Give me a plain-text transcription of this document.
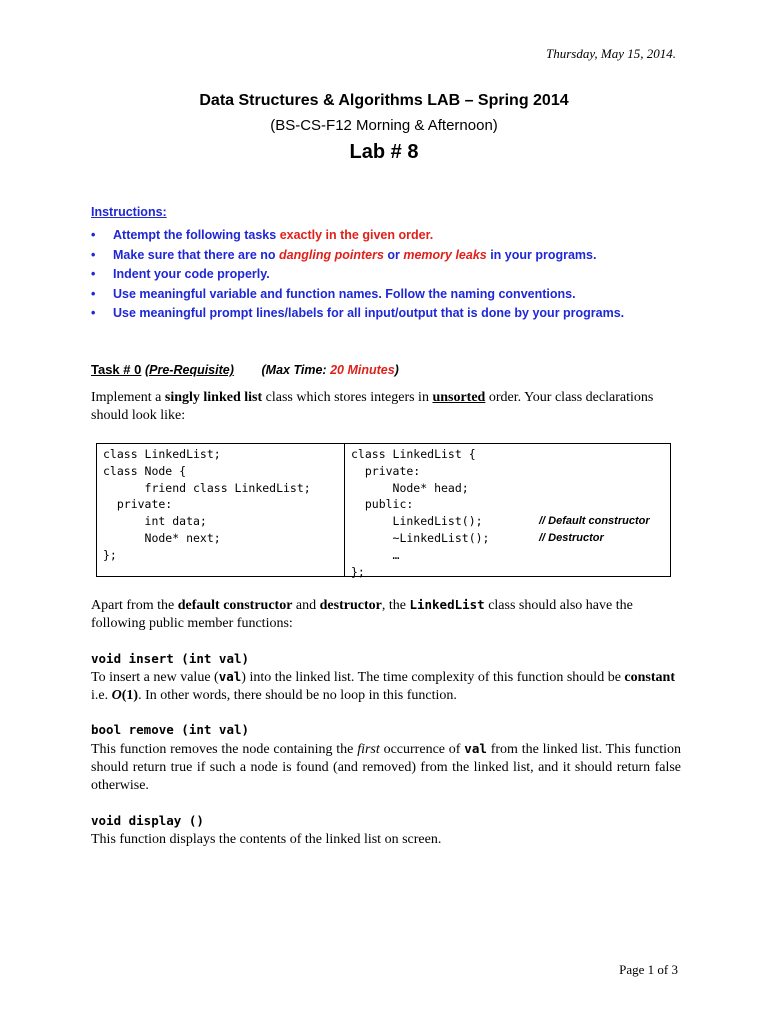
Thursday, May 15, 2014.
Data Structures & Algorithms LAB – Spring 2014
(BS-CS-F12 Morning & Afternoon)
Lab # 8
Instructions:
• Attempt the following tasks exactly in the given order.
• Make sure that there are no dangling pointers or memory leaks in your programs.
• Indent your code properly.
• Use meaningful variable and function names. Follow the naming conventions.
• Use meaningful prompt lines/labels for all input/output that is done by your programs.
Task # 0 (Pre-Requisite) (Max Time: 20 Minutes)
Implement a singly linked list class which stores integers in unsorted order. Your class declarations should look like:
class LinkedList;
class Node {
friend class LinkedList;
private:
int data;
Node* next;
};
class LinkedList {
private:
Node* head;
public:
LinkedList();	// Default constructor
~LinkedList();	// Destructor
…
};
Apart from the default constructor and destructor, the LinkedList class should also have the following public member functions:
void insert (int val)
To insert a new value (val) into the linked list. The time complexity of this function should be constant i.e. O(1). In other words, there should be no loop in this function.
bool remove (int val)
This function removes the node containing the first occurrence of val from the linked list. This function should return true if such a node is found (and removed) from the linked list, and it should return false otherwise.
void display ()
This function displays the contents of the linked list on screen.
Page 1 of 3
